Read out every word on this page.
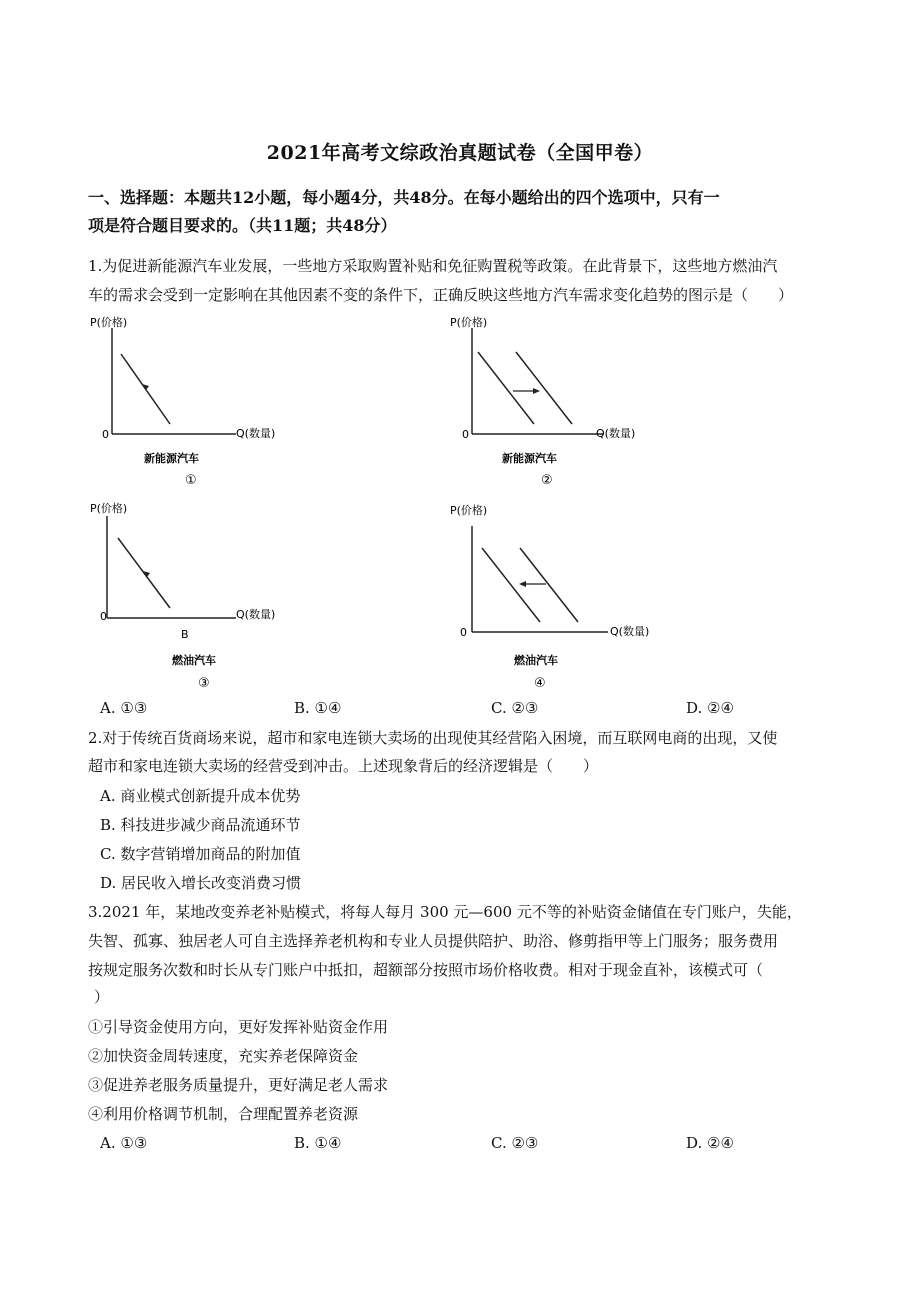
2021年高考文综政治真题试卷（全国甲卷）
一、选择题：本题共12小题，每小题4分，共48分。在每小题给出的四个选项中，只有一
项是符合题目要求的。（共11题；共48分）
1.为促进新能源汽车业发展，一些地方采取购置补贴和免征购置税等政策。在此背景下，这些地方燃油汽
车的需求会受到一定影响在其他因素不变的条件下，正确反映这些地方汽车需求变化趋势的图示是（　　）
P(价格)
Q(数量)
0
新能源汽车
①
P(价格)
Q(数量)
0
新能源汽车
②
P(价格)
Q(数量)
0
B
燃油汽车
③
P(价格)
Q(数量)
0
燃油汽车
④
A. ①③	B. ①④	C. ②③	D. ②④
2.对于传统百货商场来说，超市和家电连锁大卖场的出现使其经营陷入困境，而互联网电商的出现，又使
超市和家电连锁大卖场的经营受到冲击。上述现象背后的经济逻辑是（　　）
A. 商业模式创新提升成本优势
B. 科技进步减少商品流通环节
C. 数字营销增加商品的附加值
D. 居民收入增长改变消费习惯
3.2021 年，某地改变养老补贴模式，将每人每月 300 元—600 元不等的补贴资金储值在专门账户，失能，
失智、孤寡、独居老人可自主选择养老机构和专业人员提供陪护、助浴、修剪指甲等上门服务；服务费用
按规定服务次数和时长从专门账户中抵扣，超额部分按照市场价格收费。相对于现金直补，该模式可（
）
①引导资金使用方向，更好发挥补贴资金作用
②加快资金周转速度，充实养老保障资金
③促进养老服务质量提升，更好满足老人需求
④利用价格调节机制，合理配置养老资源
A. ①③	B. ①④	C. ②③	D. ②④
